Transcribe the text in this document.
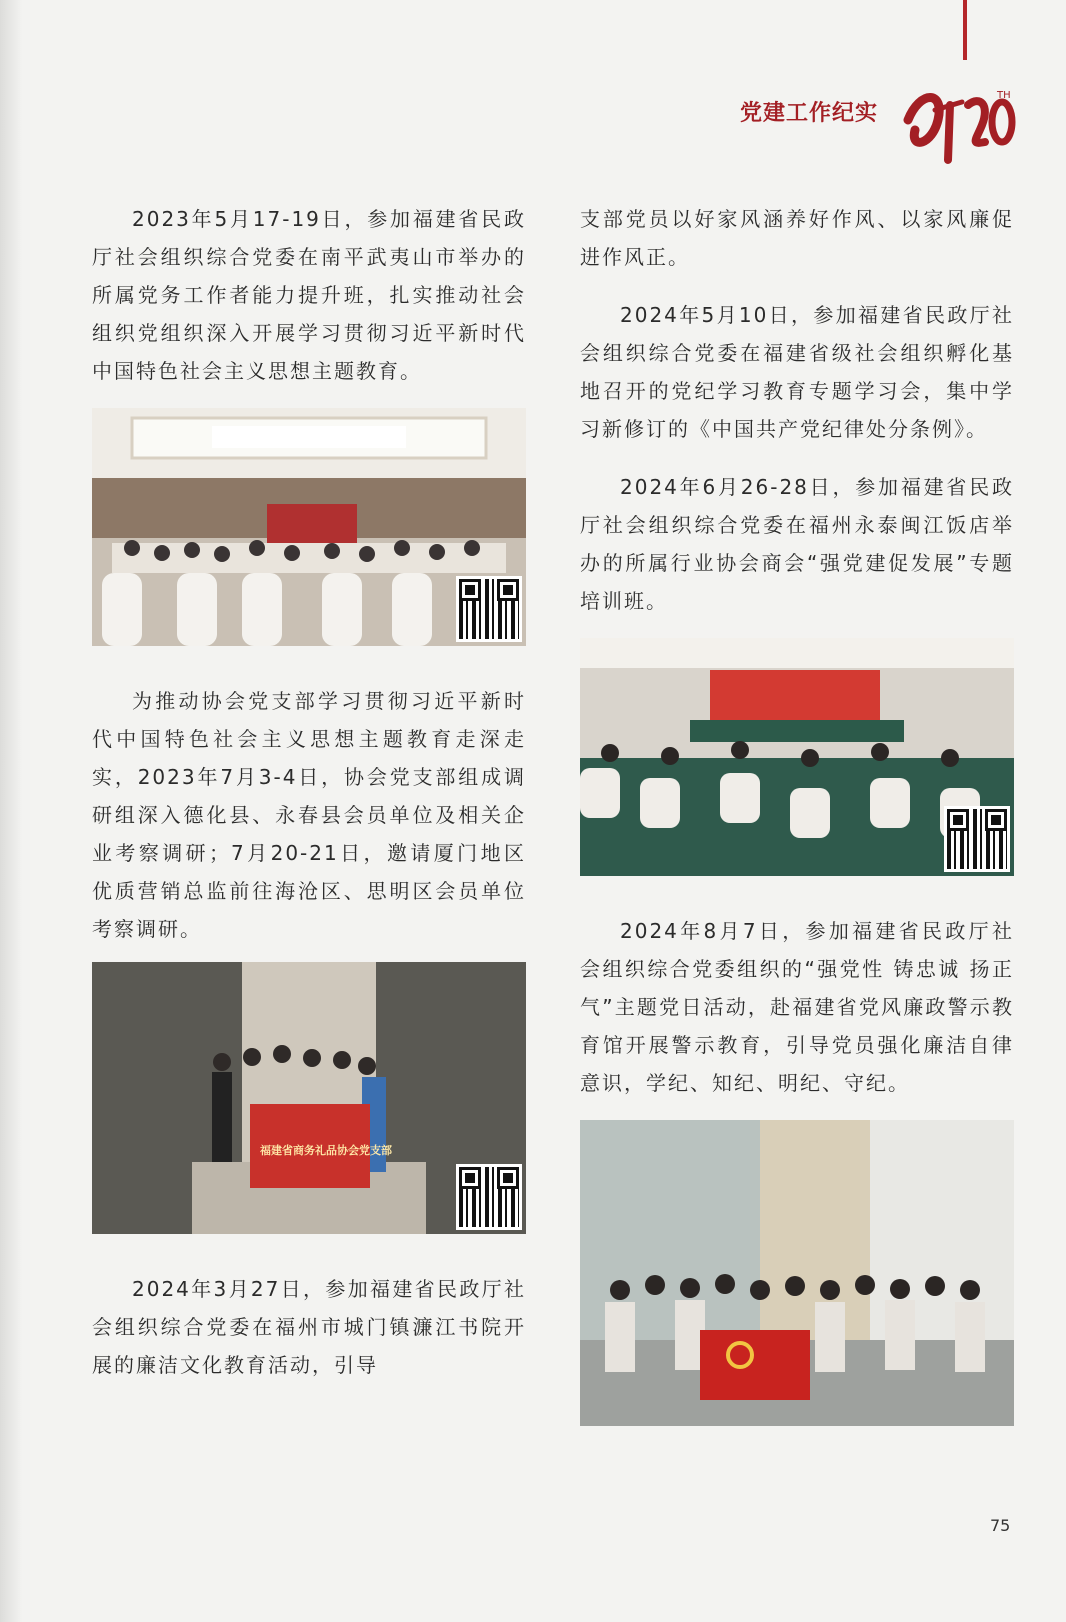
党建工作纪实
TH

2023年5月17-19日，参加福建省民政厅社会组织综合党委在南平武夷山市举办的所属党务工作者能力提升班，扎实推动社会组织党组织深入开展学习贯彻习近平新时代中国特色社会主义思想主题教育。

为推动协会党支部学习贯彻习近平新时代中国特色社会主义思想主题教育走深走实，2023年7月3-4日，协会党支部组成调研组深入德化县、永春县会员单位及相关企业考察调研；7月20-21日，邀请厦门地区优质营销总监前往海沧区、思明区会员单位考察调研。

福建省商务礼品协会党支部

2024年3月27日，参加福建省民政厅社会组织综合党委在福州市城门镇濂江书院开展的廉洁文化教育活动，引导

支部党员以好家风涵养好作风、以家风廉促进作风正。

2024年5月10日，参加福建省民政厅社会组织综合党委在福建省级社会组织孵化基地召开的党纪学习教育专题学习会，集中学习新修订的《中国共产党纪律处分条例》。

2024年6月26-28日，参加福建省民政厅社会组织综合党委在福州永泰闽江饭店举办的所属行业协会商会“强党建促发展”专题培训班。

2024年8月7日，参加福建省民政厅社会组织综合党委组织的“强党性 铸忠诚 扬正气”主题党日活动，赴福建省党风廉政警示教育馆开展警示教育，引导党员强化廉洁自律意识，学纪、知纪、明纪、守纪。

75
